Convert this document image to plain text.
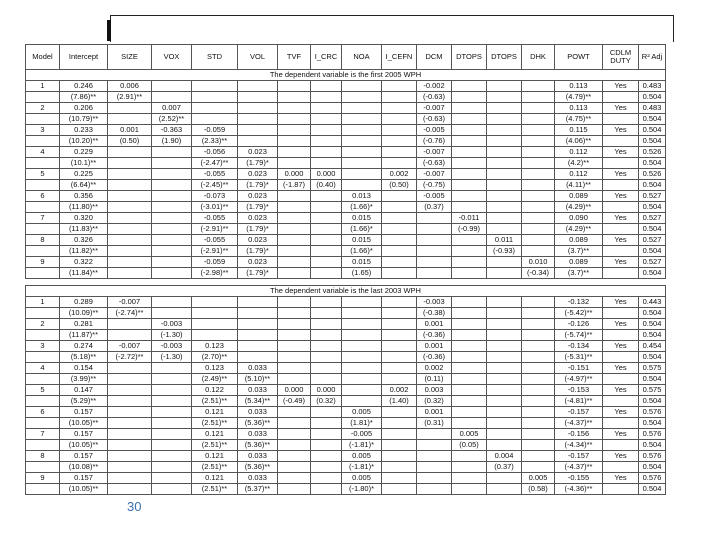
Model	Intercept	SIZE	VOX	STD	VOL	TVF	I_CRC	NOA	I_CEFN	DCM	DTOPS	DTOPS	DHK	POWT	CDLM DUTY	R² Adj
The dependent variable is the first 2005 WPH																
1	0.246	0.006								-0.002				0.113	Yes	0.483
	(7.86)**	(2.91)**								(-0.63)				(4.79)**		0.504
2	0.206		0.007							-0.007				0.113	Yes	0.483
	(10.79)**		(2.52)**							(-0.63)				(4.75)**		0.504
3	0.233	0.001	-0.363	-0.059						-0.005				0.115	Yes	0.504
	(10.20)**	(0.50)	(1.90)	(2.33)**						(-0.76)				(4.06)**		0.504
4	0.229			-0.056	0.023					-0.007				0.112	Yes	0.526
	(10.1)**			(-2.47)**	(1.79)*					(-0.63)				(4.2)**		0.504
5	0.225			-0.055	0.023	0.000	0.000		0.002	-0.007				0.112	Yes	0.526
	(6.64)**			(-2.45)**	(1.79)*	(-1.87)	(0.40)		(0.50)	(-0.75)				(4.11)**		0.504
6	0.356			-0.073	0.023			0.013		-0.005				0.089	Yes	0.527
	(11.80)**			(-3.01)**	(1.79)*			(1.66)*		(0.37)				(4.29)**		0.504
7	0.320			-0.055	0.023			0.015			-0.011			0.090	Yes	0.527
	(11.83)**			(-2.91)**	(1.79)*			(1.66)*			(-0.99)			(4.29)**		0.504
8	0.326			-0.055	0.023			0.015				0.011		0.089	Yes	0.527
	(11.82)**			(-2.91)**	(1.79)*			(1.66)*				(-0.93)		(3.7)**		0.504
9	0.322			-0.059	0.023			0.015					0.010	0.089	Yes	0.527
	(11.84)**			(-2.98)**	(1.79)*			(1.65)					(-0.34)	(3.7)**		0.504

The dependent variable is the last 2003 WPH																
1	0.289	-0.007								-0.003				-0.132	Yes	0.443
	(10.09)**	(-2.74)**								(-0.38)				(-5.42)**		0.504
2	0.281		-0.003							0.001				-0.126	Yes	0.504
	(11.87)**		(-1.30)							(-0.36)				(-5.74)**		0.504
3	0.274	-0.007	-0.003	0.123						0.001				-0.134	Yes	0.454
	(5.18)**	(-2.72)**	(-1.30)	(2.70)**						(-0.36)				(-5.31)**		0.504
4	0.154			0.123	0.033					0.002				-0.151	Yes	0.575
	(3.99)**			(2.49)**	(5.10)**					(0.11)				(-4.97)**		0.504
5	0.147			0.122	0.033	0.000	0.000		0.002	0.003				-0.153	Yes	0.575
	(5.29)**			(2.51)**	(5.34)**	(-0.49)	(0.32)		(1.40)	(0.32)				(-4.81)**		0.504
6	0.157			0.121	0.033			0.005		0.001				-0.157	Yes	0.576
	(10.05)**			(2.51)**	(5.36)**			(1.81)*		(0.31)				(-4.37)**		0.504
7	0.157			0.121	0.033			-0.005			0.005			-0.156	Yes	0.576
	(10.05)**			(2.51)**	(5.36)**			(-1.81)*			(0.05)			(-4.34)**		0.504
8	0.157			0.121	0.033			0.005				0.004		-0.157	Yes	0.576
	(10.08)**			(2.51)**	(5.36)**			(-1.81)*				(0.37)		(-4.37)**		0.504
9	0.157			0.121	0.033			0.005					0.005	-0.155	Yes	0.576
	(10.05)**			(2.51)**	(5.37)**			(-1.80)*					(0.58)	(-4.36)**		0.504
30
